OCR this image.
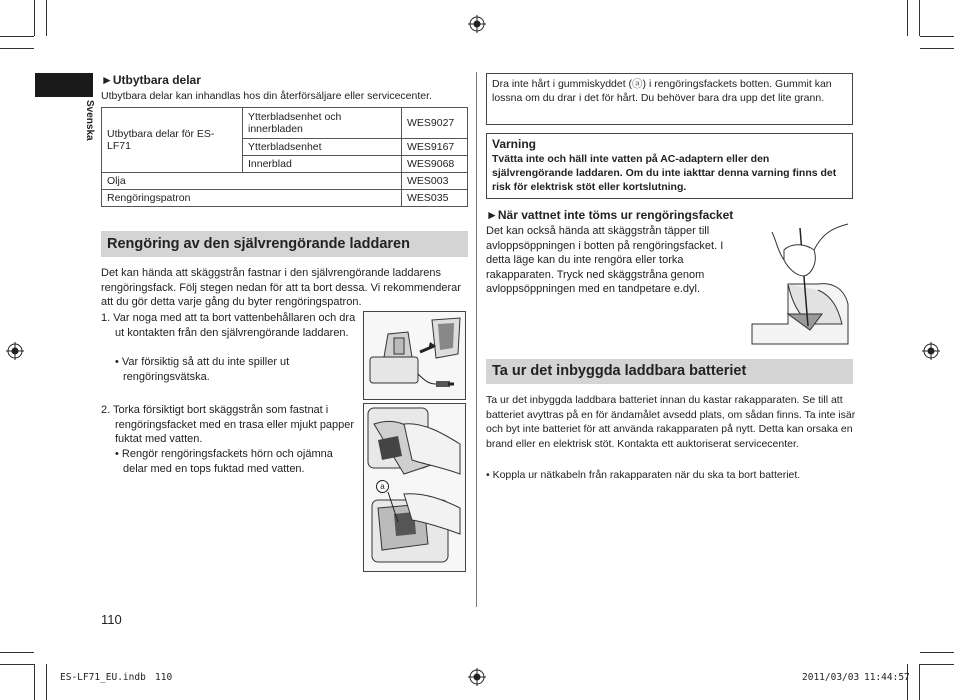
Svenska
►Utbytbara delar
Utbytbara delar kan inhandlas hos din återförsäljare eller servicecenter.
Utbytbara delar för ES-LF71	Ytterbladsenhet och innerbladen	WES9027
	Ytterbladsenhet	WES9167
	Innerblad	WES9068
Olja		WES003
Rengöringspatron		WES035
Rengöring av den självrengörande laddaren
Det kan hända att skäggstrån fastnar i den självrengörande laddarens rengöringsfack. Följ stegen nedan för att ta bort dessa. Vi rekommenderar att du gör detta varje gång du byter rengöringspatron.
1. Var noga med att ta bort vattenbehållaren och dra ut kontakten från den självrengörande laddaren.
• Var försiktig så att du inte spiller ut rengöringsvätska.
2. Torka försiktigt bort skäggstrån som fastnat i rengöringsfacket med en trasa eller mjukt papper fuktat med vatten.
• Rengör rengöringsfackets hörn och ojämna delar med en tops fuktad med vatten.
a
110
Dra inte hårt i gummiskyddet (ⓐ) i rengöringsfackets botten. Gummit kan lossna om du drar i det för hårt. Du behöver bara dra upp det lite grann.
Varning
Tvätta inte och häll inte vatten på AC-adaptern eller den självrengörande laddaren. Om du inte iakttar denna varning finns det risk för elektrisk stöt eller kortslutning.
►När vattnet inte töms ur rengöringsfacket
Det kan också hända att skäggstrån täpper till avloppsöppningen i botten på rengöringsfacket. I detta läge kan du inte rengöra eller torka rakapparaten. Tryck ned skäggstråna genom avloppsöppningen med en tandpetare e.dyl.
Ta ur det inbyggda laddbara batteriet
Ta ur det inbyggda laddbara batteriet innan du kastar rakapparaten. Se till att batteriet avyttras på en för ändamålet avsedd plats, om sådan finns. Ta inte isär och byt inte batteriet för att använda rakapparaten på nytt. Detta kan orsaka en brand eller en elektrisk stöt. Kontakta ett auktoriserat servicecenter.
• Koppla ur nätkabeln från rakapparaten när du ska ta bort batteriet.
ES-LF71_EU.indb 110	2011/03/03 11:44:57
